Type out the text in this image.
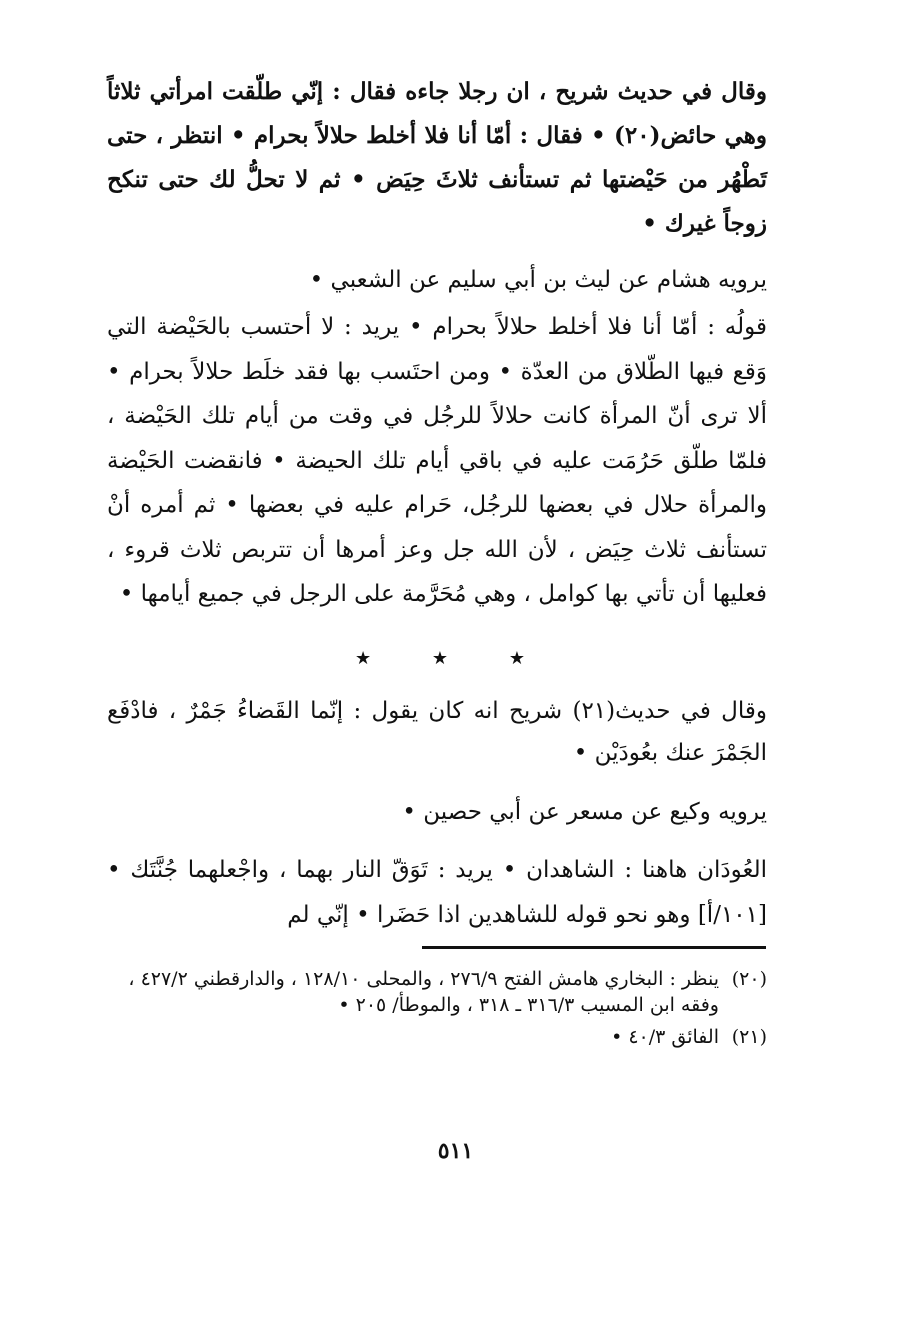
وقال في حديث شريح ، ان رجلا جاءه فقال : إنّي طلّقت امرأتي ثلاثاً وهي حائض(٢٠) • فقال : أمّا أنا فلا أخلط حلالاً بحرام • انتظر ، حتى تَطْهُر من حَيْضتها ثم تستأنف ثلاثَ حِيَض • ثم لا تحلُّ لك حتى تنكح زوجاً غيرك •
يرويه هشام عن ليث بن أبي سليم عن الشعبي •
قولُه : أمّا أنا فلا أخلط حلالاً بحرام • يريد : لا أحتسب بالحَيْضة التي وَقع فيها الطّلاق من العدّة • ومن احتَسب بها فقد خلَط حلالاً بحرام • ألا ترى أنّ المرأة كانت حلالاً للرجُل في وقت من أيام تلك الحَيْضة ، فلمّا طلّق حَرُمَت عليه في باقي أيام تلك الحيضة • فانقضت الحَيْضة والمرأة حلال في بعضها للرجُل، حَرام عليه في بعضها • ثم أمره أنْ تستأنف ثلاث حِيَض ، لأن الله جل وعز أمرها أن تتربص ثلاث قروء ، فعليها أن تأتي بها كوامل ، وهي مُحَرَّمة على الرجل في جميع أيامها •
★	★	★
وقال في حديث(٢١) شريح انه كان يقول : إنّما القَضاءُ جَمْرٌ ، فادْفَع الجَمْرَ عنك بعُودَيْن •
يرويه وكيع عن مسعر عن أبي حصين •
العُودَان هاهنا : الشاهدان • يريد : تَوَقّ النار بهما ، واجْعلهما جُنَّتَك • [١٠١/أ] وهو نحو قوله للشاهدين اذا حَضَرا • إنّي لم
(٢٠)
ينظر : البخاري هامش الفتح ٢٧٦/٩ ، والمحلى ١٢٨/١٠ ، والدارقطني ٤٢٧/٢ ، وفقه ابن المسيب ٣١٦/٣ ـ ٣١٨ ، والموطأ/ ٢٠٥ •
(٢١)
الفائق ٤٠/٣ •
٥١١
